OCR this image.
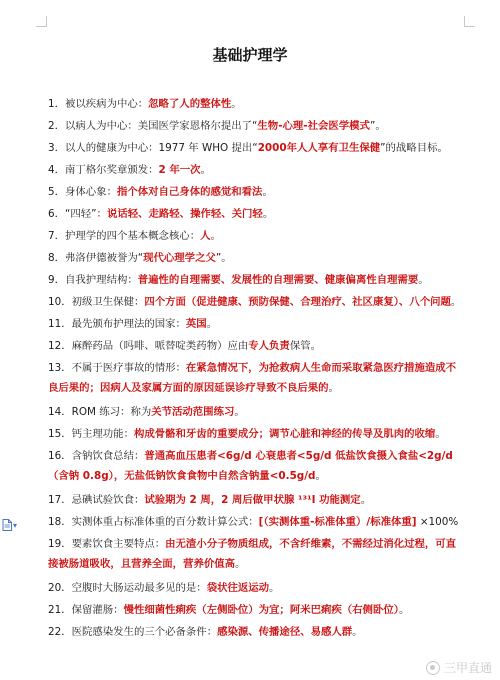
基础护理学
1．被以疾病为中心：忽略了人的整体性。
2．以病人为中心：美国医学家恩格尔提出了“生物-心理-社会医学模式”。
3．以人的健康为中心：1977 年 WHO 提出“2000年人人享有卫生保健”的战略目标。
4．南丁格尔奖章颁发：2 年一次。
5．身体心象：指个体对自己身体的感觉和看法。
6．“四轻”：说话轻、走路轻、操作轻、关门轻。
7．护理学的四个基本概念核心：人。
8．弗洛伊德被誉为“现代心理学之父”。
9．自我护理结构：普遍性的自理需要、发展性的自理需要、健康偏离性自理需要。
10．初级卫生保健：四个方面（促进健康、预防保健、合理治疗、社区康复）、八个问题。
11．最先颁布护理法的国家：英国。
12．麻醉药品（吗啡、哌替啶类药物）应由专人负责保管。
13．不属于医疗事故的情形：在紧急情况下，为抢救病人生命而采取紧急医疗措施造成不
良后果的；因病人及家属方面的原因延误诊疗导致不良后果的。
14．ROM 练习：称为关节活动范围练习。
15．钙主理功能：构成骨骼和牙齿的重要成分；调节心脏和神经的传导及肌肉的收缩。
16．含钠饮食总结：普通高血压患者<6g/d 心衰患者<5g/d 低盐饮食摄入食盐<2g/d
（含钠 0.8g），无盐低钠饮食食物中自然含钠量<0.5g/d。
17．忌碘试验饮食：试验期为 2 周，2 周后做甲状腺 ¹³¹I 功能测定。
18．实测体重占标准体重的百分数计算公式：[（实测体重-标准体重）/标准体重] ×100%
19．要素饮食主要特点：由无渣小分子物质组成，不含纤维素，不需经过消化过程，可直
接被肠道吸收，且营养全面，营养价值高。
20．空腹时大肠运动最多见的是：袋状往返运动。
21．保留灌肠：慢性细菌性痢疾（左侧卧位）为宜；阿米巴痢疾（右侧卧位）。
22．医院感染发生的三个必备条件：感染源、传播途径、易感人群。
▾
三甲直通
